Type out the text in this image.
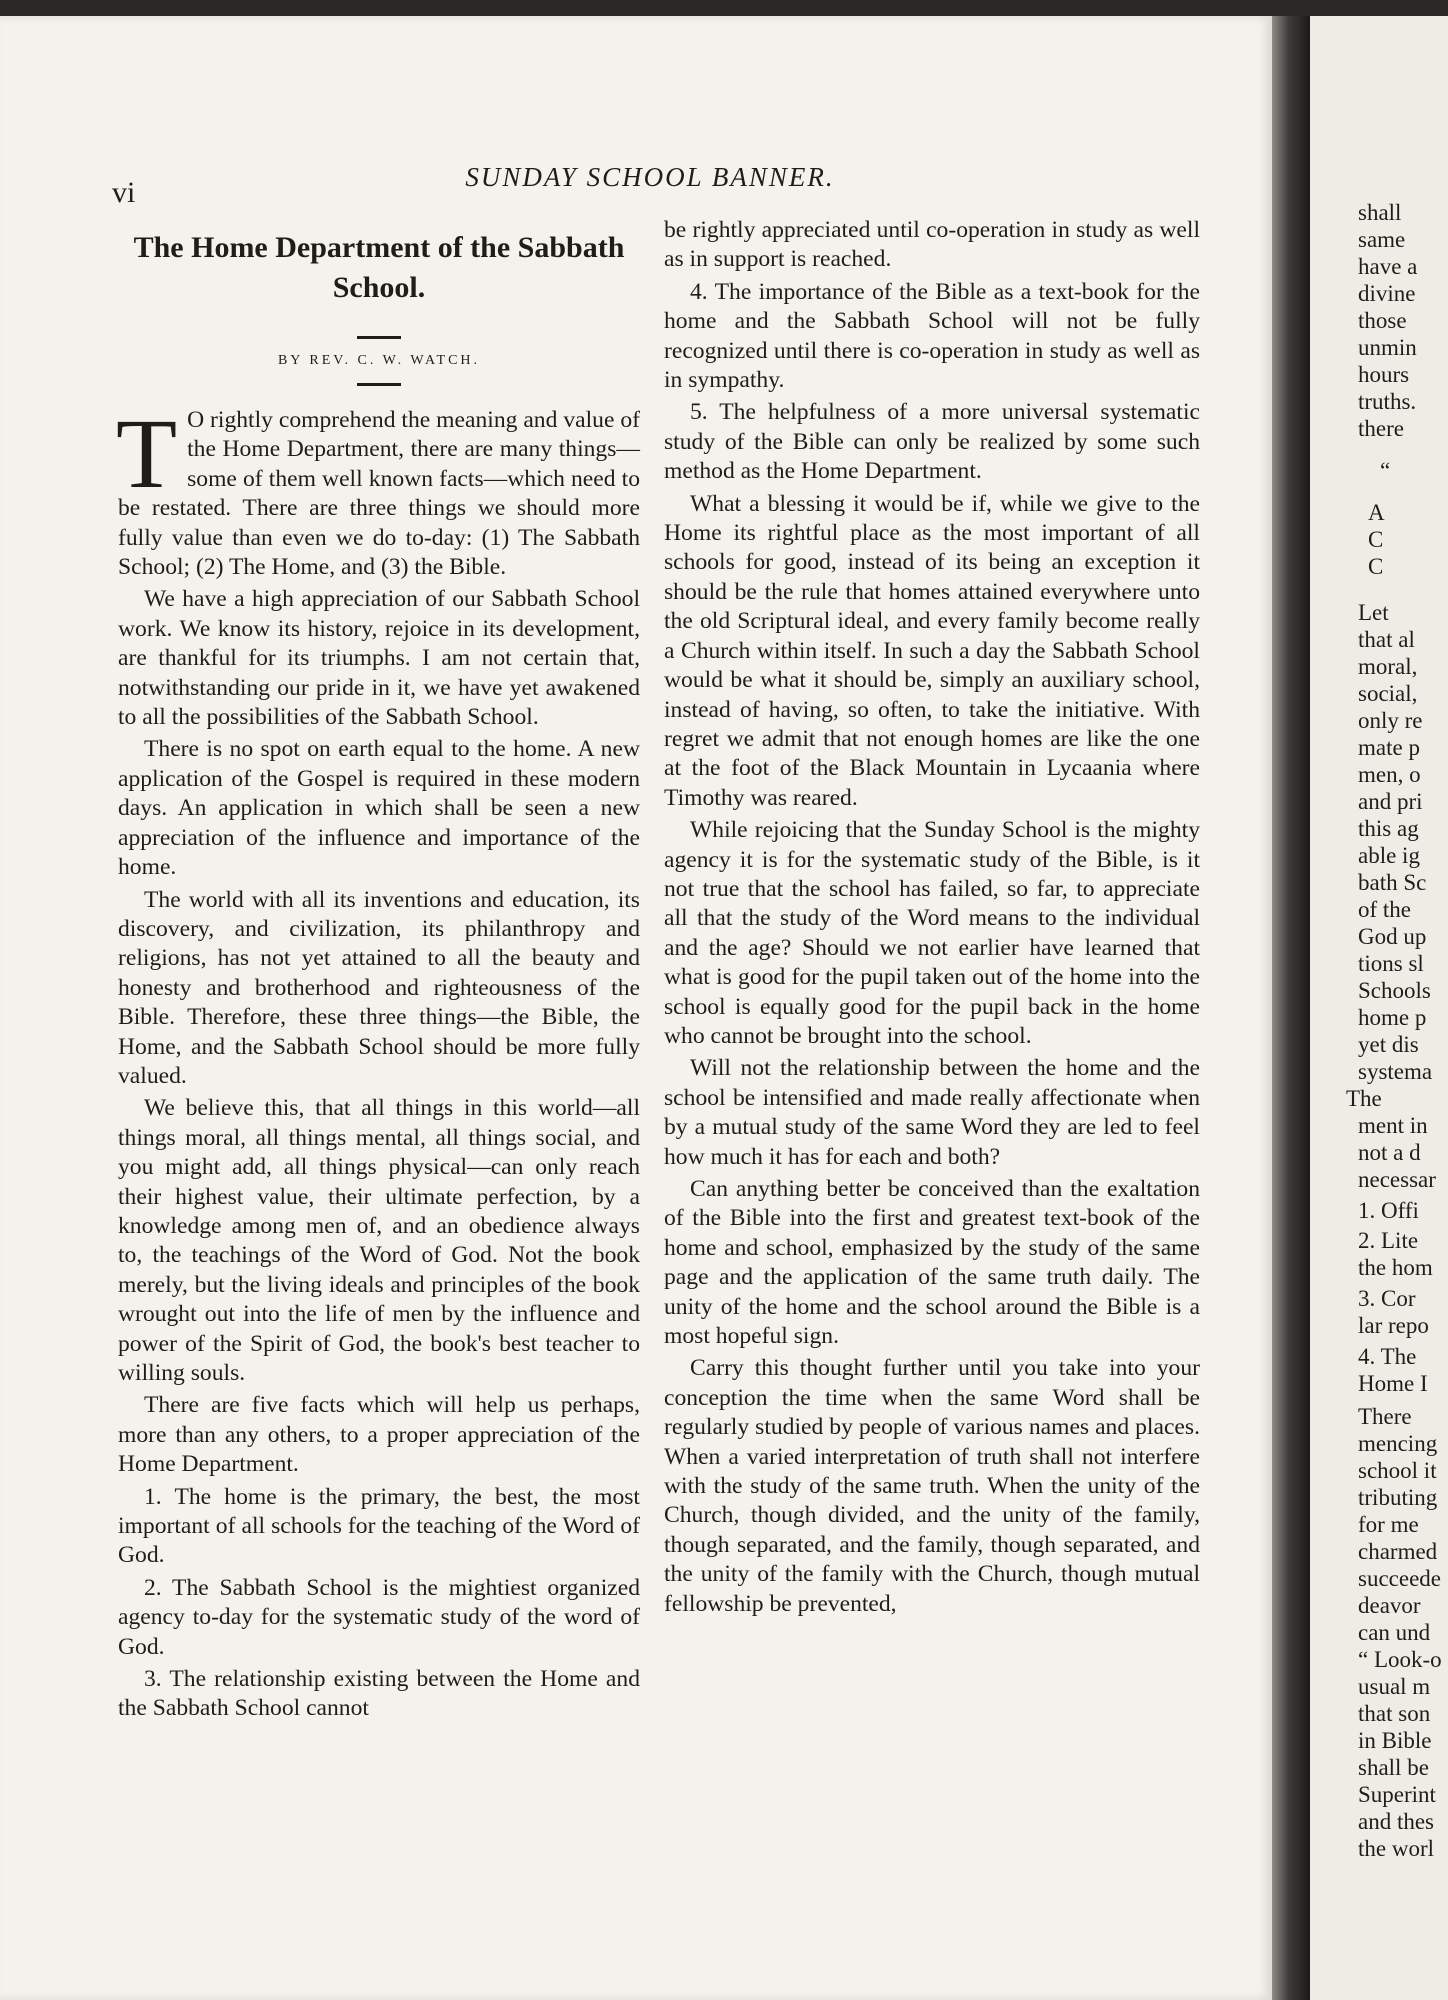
vi	SUNDAY SCHOOL BANNER.
The Home Department of the Sabbath School.
BY REV. C. W. WATCH.

T O rightly comprehend the meaning and value of the Home Department, there are many things—some of them well known facts—which need to be restated. There are three things we should more fully value than even we do to-day: (1) The Sabbath School; (2) The Home, and (3) the Bible.

We have a high appreciation of our Sabbath School work. We know its history, rejoice in its development, are thankful for its triumphs. I am not certain that, notwithstanding our pride in it, we have yet awakened to all the possibilities of the Sabbath School.

There is no spot on earth equal to the home. A new application of the Gospel is required in these modern days. An application in which shall be seen a new appreciation of the influence and importance of the home.

The world with all its inventions and education, its discovery, and civilization, its philanthropy and religions, has not yet attained to all the beauty and honesty and brotherhood and righteousness of the Bible. Therefore, these three things—the Bible, the Home, and the Sabbath School should be more fully valued.

We believe this, that all things in this world—all things moral, all things mental, all things social, and you might add, all things physical—can only reach their highest value, their ultimate perfection, by a knowledge among men of, and an obedience always to, the teachings of the Word of God. Not the book merely, but the living ideals and principles of the book wrought out into the life of men by the influence and power of the Spirit of God, the book's best teacher to willing souls.

There are five facts which will help us perhaps, more than any others, to a proper appreciation of the Home Department.

1. The home is the primary, the best, the most important of all schools for the teaching of the Word of God.

2. The Sabbath School is the mightiest organized agency to-day for the systematic study of the word of God.

3. The relationship existing between the Home and the Sabbath School cannot

be rightly appreciated until co-operation in study as well as in support is reached.

4. The importance of the Bible as a text-book for the home and the Sabbath School will not be fully recognized until there is co-operation in study as well as in sympathy.

5. The helpfulness of a more universal systematic study of the Bible can only be realized by some such method as the Home Department.

What a blessing it would be if, while we give to the Home its rightful place as the most important of all schools for good, instead of its being an exception it should be the rule that homes attained everywhere unto the old Scriptural ideal, and every family become really a Church within itself. In such a day the Sabbath School would be what it should be, simply an auxiliary school, instead of having, so often, to take the initiative. With regret we admit that not enough homes are like the one at the foot of the Black Mountain in Lycaania where Timothy was reared.

While rejoicing that the Sunday School is the mighty agency it is for the systematic study of the Bible, is it not true that the school has failed, so far, to appreciate all that the study of the Word means to the individual and the age? Should we not earlier have learned that what is good for the pupil taken out of the home into the school is equally good for the pupil back in the home who cannot be brought into the school.

Will not the relationship between the home and the school be intensified and made really affectionate when by a mutual study of the same Word they are led to feel how much it has for each and both?

Can anything better be conceived than the exaltation of the Bible into the first and greatest text-book of the home and school, emphasized by the study of the same page and the application of the same truth daily. The unity of the home and the school around the Bible is a most hopeful sign.

Carry this thought further until you take into your conception the time when the same Word shall be regularly studied by people of various names and places. When a varied interpretation of truth shall not interfere with the study of the same truth. When the unity of the Church, though divided, and the unity of the family, though separated, and the family, though separated, and the unity of the family with the Church, though mutual fellowship be prevented,

shall
same
have a
divine
those
unmin
hours
truths.
there
“
A
C
C
Let
that al
moral,
social,
only re
mate p
men, o
and pri
this ag
able ig
bath Sc
of the
God up
tions sl
Schools
home p
yet dis
systema
The
ment in
not a d
necessar
1. Offi
2. Lite
the hom
3. Cor
lar repo
4. The
Home I
There
mencing
school it
tributing
for me
charmed
succeede
deavor
can und
“ Look-o
usual m
that son
in Bible
shall be
Superint
and thes
the worl
